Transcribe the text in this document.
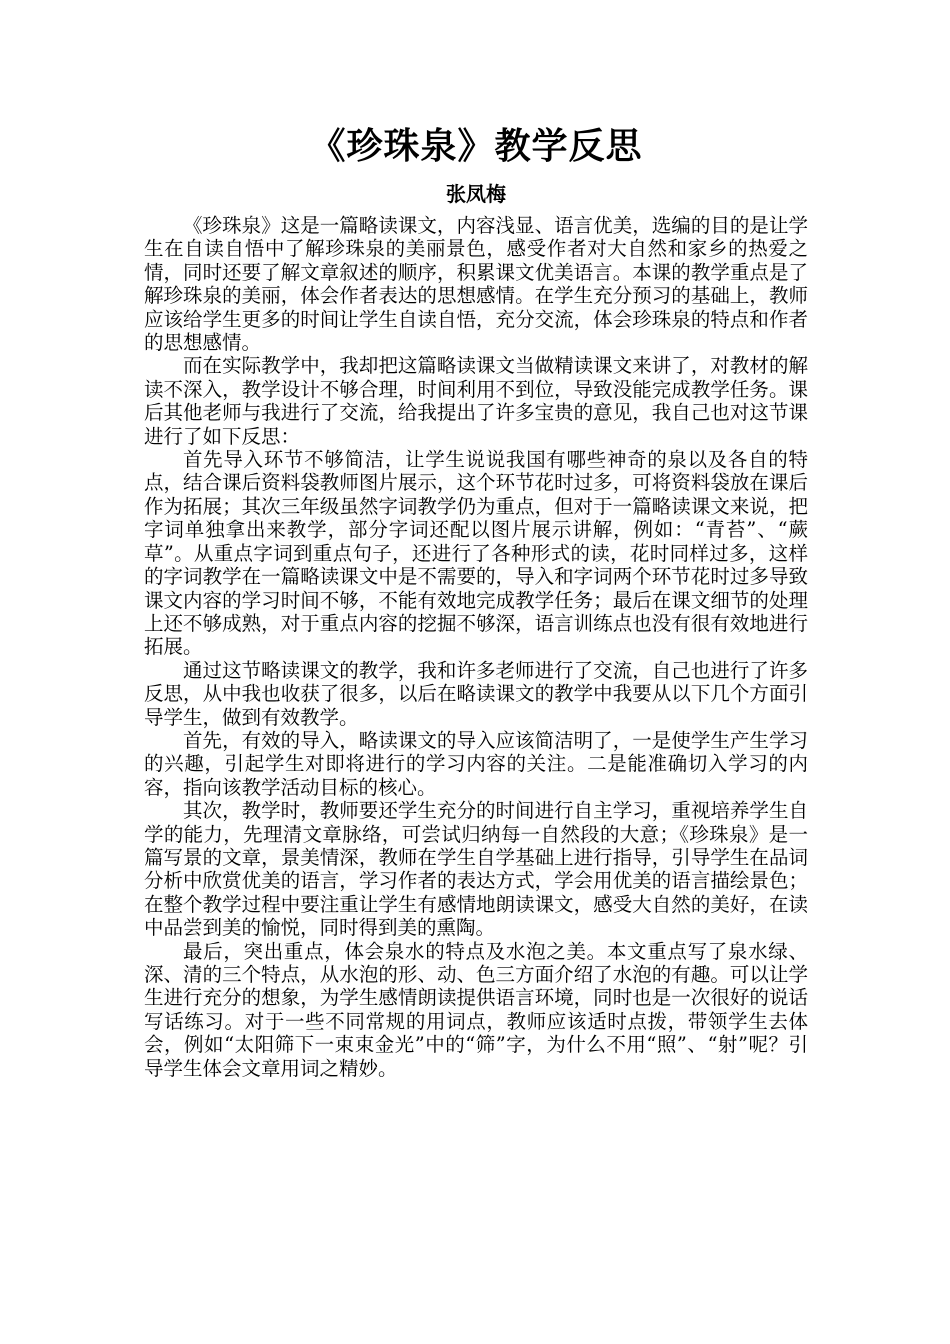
《珍珠泉》教学反思
张凤梅

《珍珠泉》这是一篇略读课文，内容浅显、语言优美，选编的目的是让学生在自读自悟中了解珍珠泉的美丽景色，感受作者对大自然和家乡的热爱之情，同时还要了解文章叙述的顺序，积累课文优美语言。本课的教学重点是了解珍珠泉的美丽，体会作者表达的思想感情。在学生充分预习的基础上，教师应该给学生更多的时间让学生自读自悟，充分交流，体会珍珠泉的特点和作者的思想感情。

而在实际教学中，我却把这篇略读课文当做精读课文来讲了，对教材的解读不深入，教学设计不够合理，时间利用不到位，导致没能完成教学任务。课后其他老师与我进行了交流，给我提出了许多宝贵的意见，我自己也对这节课进行了如下反思：

首先导入环节不够简洁，让学生说说我国有哪些神奇的泉以及各自的特点，结合课后资料袋教师图片展示，这个环节花时过多，可将资料袋放在课后作为拓展；其次三年级虽然字词教学仍为重点，但对于一篇略读课文来说，把字词单独拿出来教学，部分字词还配以图片展示讲解，例如：“青苔”、“蕨草”。从重点字词到重点句子，还进行了各种形式的读，花时同样过多，这样的字词教学在一篇略读课文中是不需要的，导入和字词两个环节花时过多导致课文内容的学习时间不够，不能有效地完成教学任务；最后在课文细节的处理上还不够成熟，对于重点内容的挖掘不够深，语言训练点也没有很有效地进行拓展。

通过这节略读课文的教学，我和许多老师进行了交流，自己也进行了许多反思，从中我也收获了很多，以后在略读课文的教学中我要从以下几个方面引导学生，做到有效教学。

首先，有效的导入，略读课文的导入应该简洁明了，一是使学生产生学习的兴趣，引起学生对即将进行的学习内容的关注。二是能准确切入学习的内容，指向该教学活动目标的核心。

其次，教学时，教师要还学生充分的时间进行自主学习，重视培养学生自学的能力，先理清文章脉络，可尝试归纳每一自然段的大意；《珍珠泉》是一篇写景的文章，景美情深，教师在学生自学基础上进行指导，引导学生在品词分析中欣赏优美的语言，学习作者的表达方式，学会用优美的语言描绘景色；在整个教学过程中要注重让学生有感情地朗读课文，感受大自然的美好，在读中品尝到美的愉悦，同时得到美的熏陶。

最后，突出重点，体会泉水的特点及水泡之美。本文重点写了泉水绿、深、清的三个特点，从水泡的形、动、色三方面介绍了水泡的有趣。可以让学生进行充分的想象，为学生感情朗读提供语言环境，同时也是一次很好的说话写话练习。对于一些不同常规的用词点，教师应该适时点拨，带领学生去体会，例如“太阳筛下一束束金光”中的“筛”字，为什么不用“照”、“射”呢？引导学生体会文章用词之精妙。
